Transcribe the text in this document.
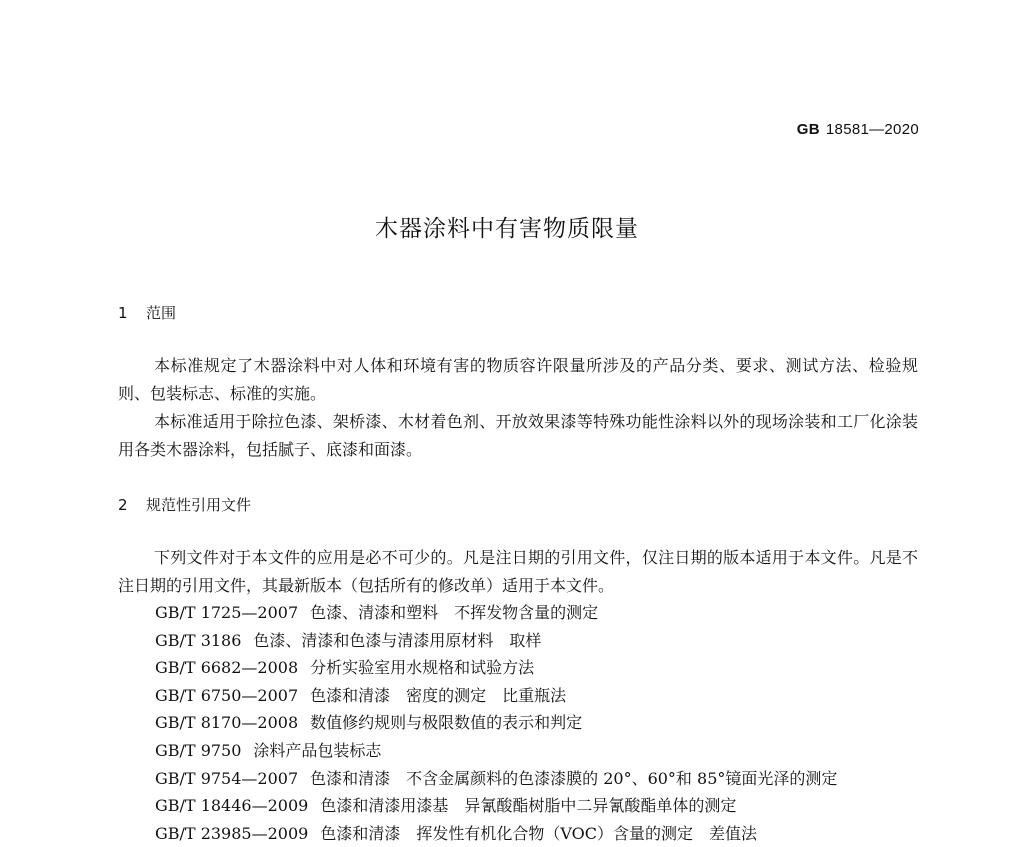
GB 18581—2020
木器涂料中有害物质限量
1 范围
本标准规定了木器涂料中对人体和环境有害的物质容许限量所涉及的产品分类、要求、测试方法、检验规则、包装标志、标准的实施。
本标准适用于除拉色漆、架桥漆、木材着色剂、开放效果漆等特殊功能性涂料以外的现场涂装和工厂化涂装用各类木器涂料，包括腻子、底漆和面漆。
2 规范性引用文件
下列文件对于本文件的应用是必不可少的。凡是注日期的引用文件，仅注日期的版本适用于本文件。凡是不注日期的引用文件，其最新版本（包括所有的修改单）适用于本文件。
GB/T 1725—2007 色漆、清漆和塑料　不挥发物含量的测定
GB/T 3186 色漆、清漆和色漆与清漆用原材料　取样
GB/T 6682—2008 分析实验室用水规格和试验方法
GB/T 6750—2007 色漆和清漆　密度的测定　比重瓶法
GB/T 8170—2008 数值修约规则与极限数值的表示和判定
GB/T 9750 涂料产品包装标志
GB/T 9754—2007 色漆和清漆　不含金属颜料的色漆漆膜的 20°、60°和 85°镜面光泽的测定
GB/T 18446—2009 色漆和清漆用漆基　异氰酸酯树脂中二异氰酸酯单体的测定
GB/T 23985—2009 色漆和清漆　挥发性有机化合物（VOC）含量的测定　差值法
